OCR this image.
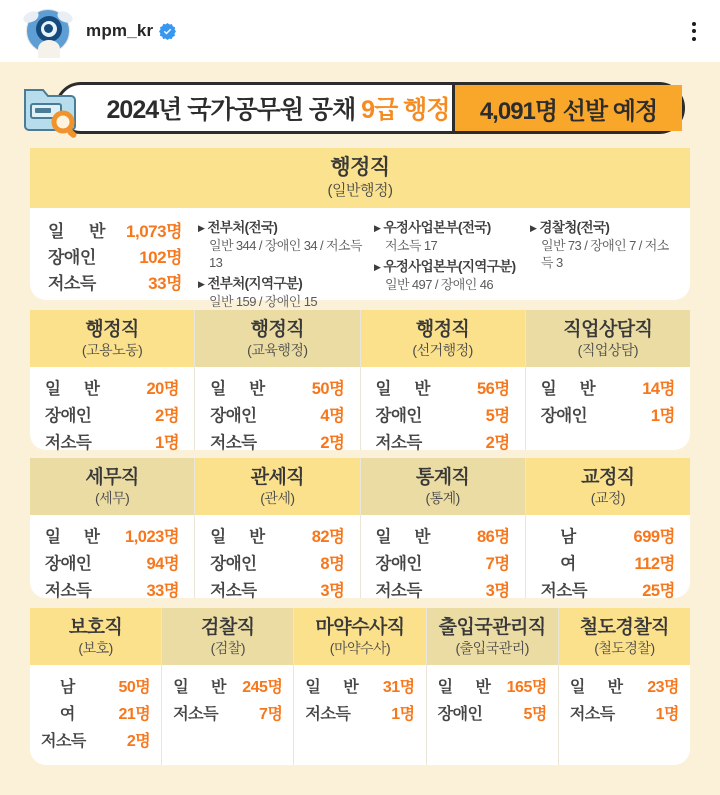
mpm_kr
2024년 국가공무원 공채 9급 행정	4,091명 선발 예정
행정직
(일반행정)
일 반	1,073명
장애인	102명
저소득	33명
▶ 전부처(전국)
일반 344 / 장애인 34 / 저소득 13
▶ 전부처(지역구분)
일반 159 / 장애인 15
▶ 우정사업본부(전국)
저소득 17
▶ 우정사업본부(지역구분)
일반 497 / 장애인 46
▶ 경찰청(전국)
일반 73 / 장애인 7 / 저소득 3
행정직
(고용노동)
일 반	20명
장애인	2명
저소득	1명
행정직
(교육행정)
일 반	50명
장애인	4명
저소득	2명
행정직
(선거행정)
일 반	56명
장애인	5명
저소득	2명
직업상담직
(직업상담)
일 반	14명
장애인	1명
세무직
(세무)
일 반	1,023명
장애인	94명
저소득	33명
관세직
(관세)
일 반	82명
장애인	8명
저소득	3명
통계직
(통계)
일 반	86명
장애인	7명
저소득	3명
교정직
(교정)
남	699명
여	112명
저소득	25명
보호직
(보호)
남	50명
여	21명
저소득	2명
검찰직
(검찰)
일 반	245명
저소득	7명
마약수사직
(마약수사)
일 반	31명
저소득	1명
출입국관리직
(출입국관리)
일 반	165명
장애인	5명
철도경찰직
(철도경찰)
일 반	23명
저소득	1명
